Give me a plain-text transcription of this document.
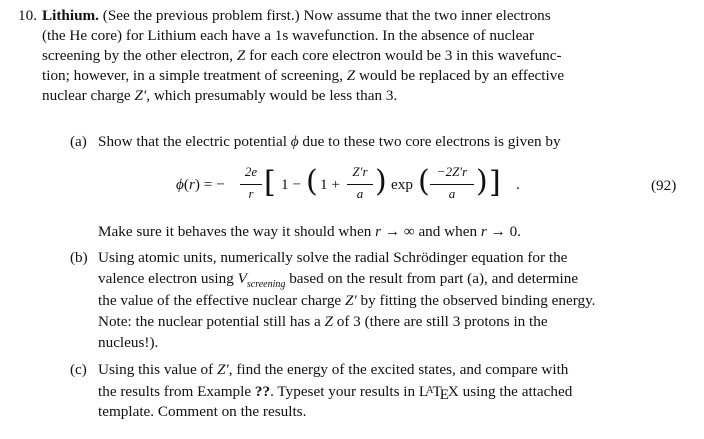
10. Lithium. (See the previous problem first.) Now assume that the two inner electrons
(the He core) for Lithium each have a 1s wavefunction. In the absence of nuclear
screening by the other electron, Z for each core electron would be 3 in this wavefunc-
tion; however, in a simple treatment of screening, Z would be replaced by an effective
nuclear charge Z′, which presumably would be less than 3.
(a) Show that the electric potential ϕ due to these two core electrons is given by
ϕ(r) = −
2e
r [ 1 − ( 1 +
Z′r
a ) exp ( −2Z′r
a ) ] .	(92)
Make sure it behaves the way it should when r → ∞ and when r → 0.
(b) Using atomic units, numerically solve the radial Schrödinger equation for the
valence electron using $V_{screening}$ based on the result from part (a), and determine
the value of the effective nuclear charge Z′ by fitting the observed binding energy.
Note: the nuclear potential still has a Z of 3 (there are still 3 protons in the
nucleus!).
(c) Using this value of Z′, find the energy of the excited states, and compare with
the results from Example ??. Typeset your results in $L^AT_EX$ using the attached
template. Comment on the results.
